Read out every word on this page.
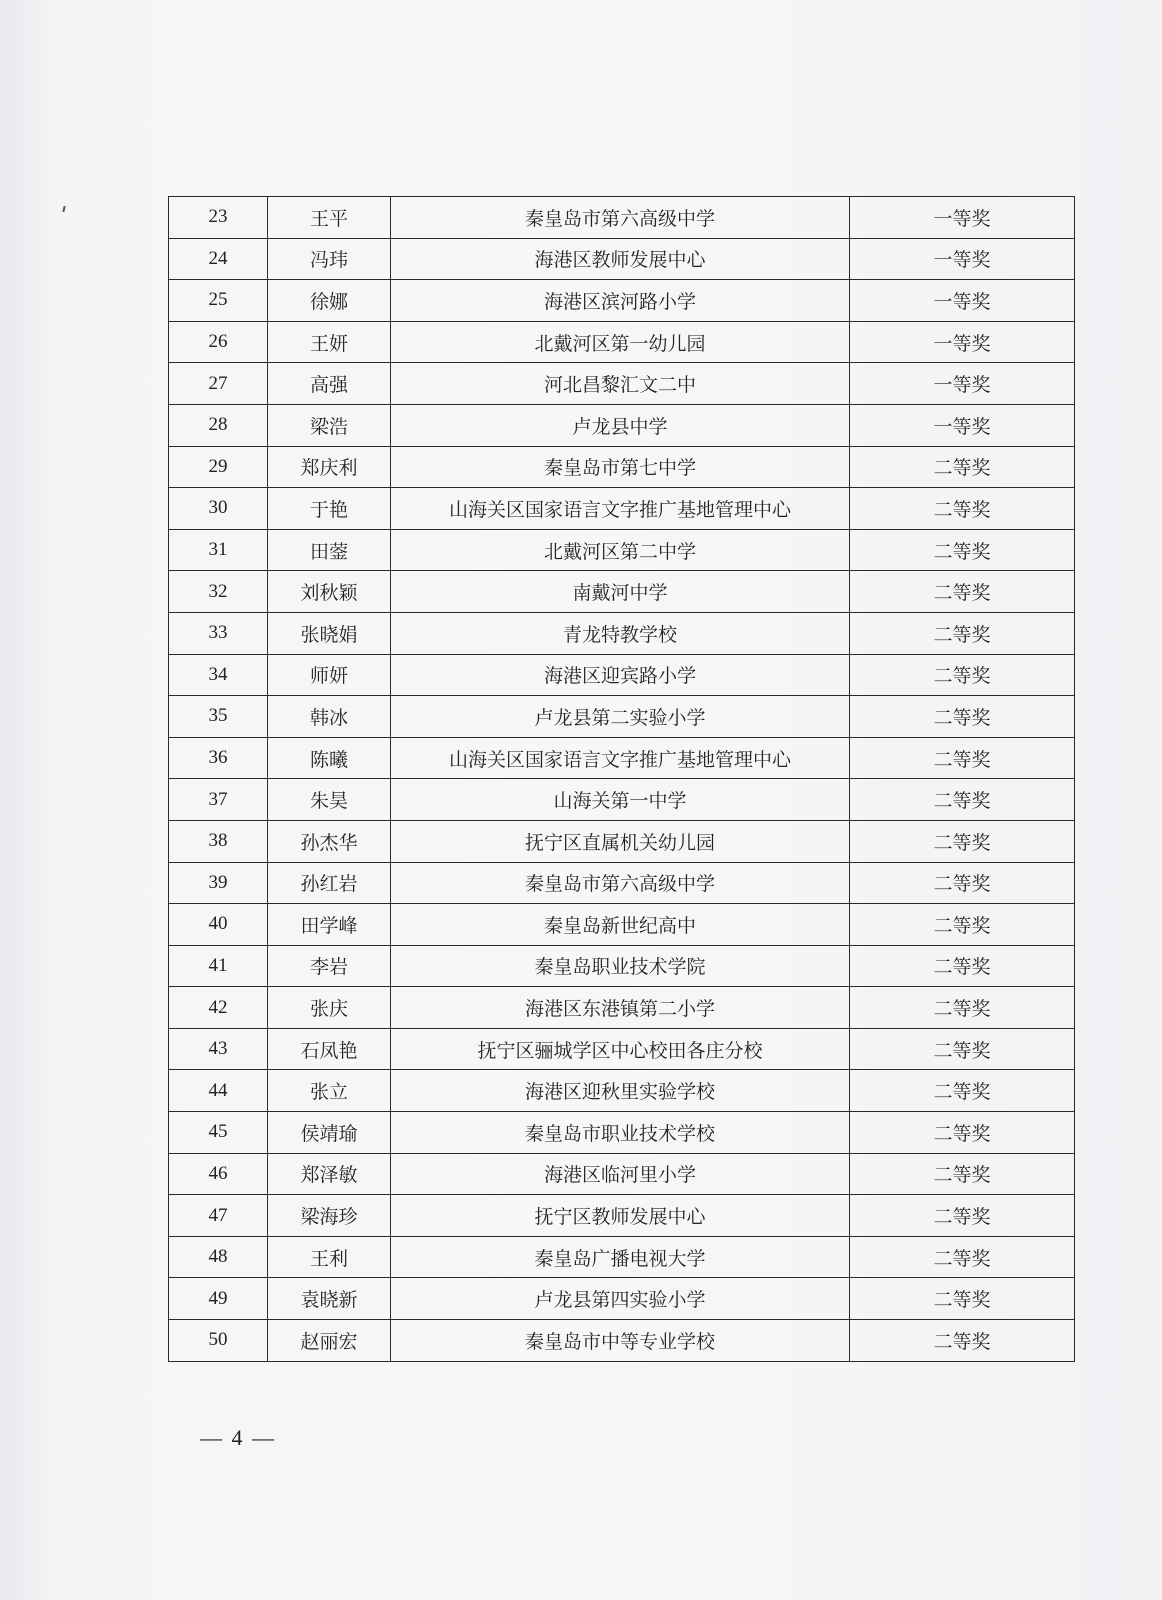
23	王平	秦皇岛市第六高级中学	一等奖
24	冯玮	海港区教师发展中心	一等奖
25	徐娜	海港区滨河路小学	一等奖
26	王妍	北戴河区第一幼儿园	一等奖
27	高强	河北昌黎汇文二中	一等奖
28	梁浩	卢龙县中学	一等奖
29	郑庆利	秦皇岛市第七中学	二等奖
30	于艳	山海关区国家语言文字推广基地管理中心	二等奖
31	田蓥	北戴河区第二中学	二等奖
32	刘秋颖	南戴河中学	二等奖
33	张晓娟	青龙特教学校	二等奖
34	师妍	海港区迎宾路小学	二等奖
35	韩冰	卢龙县第二实验小学	二等奖
36	陈曦	山海关区国家语言文字推广基地管理中心	二等奖
37	朱昊	山海关第一中学	二等奖
38	孙杰华	抚宁区直属机关幼儿园	二等奖
39	孙红岩	秦皇岛市第六高级中学	二等奖
40	田学峰	秦皇岛新世纪高中	二等奖
41	李岩	秦皇岛职业技术学院	二等奖
42	张庆	海港区东港镇第二小学	二等奖
43	石凤艳	抚宁区骊城学区中心校田各庄分校	二等奖
44	张立	海港区迎秋里实验学校	二等奖
45	侯靖瑜	秦皇岛市职业技术学校	二等奖
46	郑泽敏	海港区临河里小学	二等奖
47	梁海珍	抚宁区教师发展中心	二等奖
48	王利	秦皇岛广播电视大学	二等奖
49	袁晓新	卢龙县第四实验小学	二等奖
50	赵丽宏	秦皇岛市中等专业学校	二等奖
— 4 —
